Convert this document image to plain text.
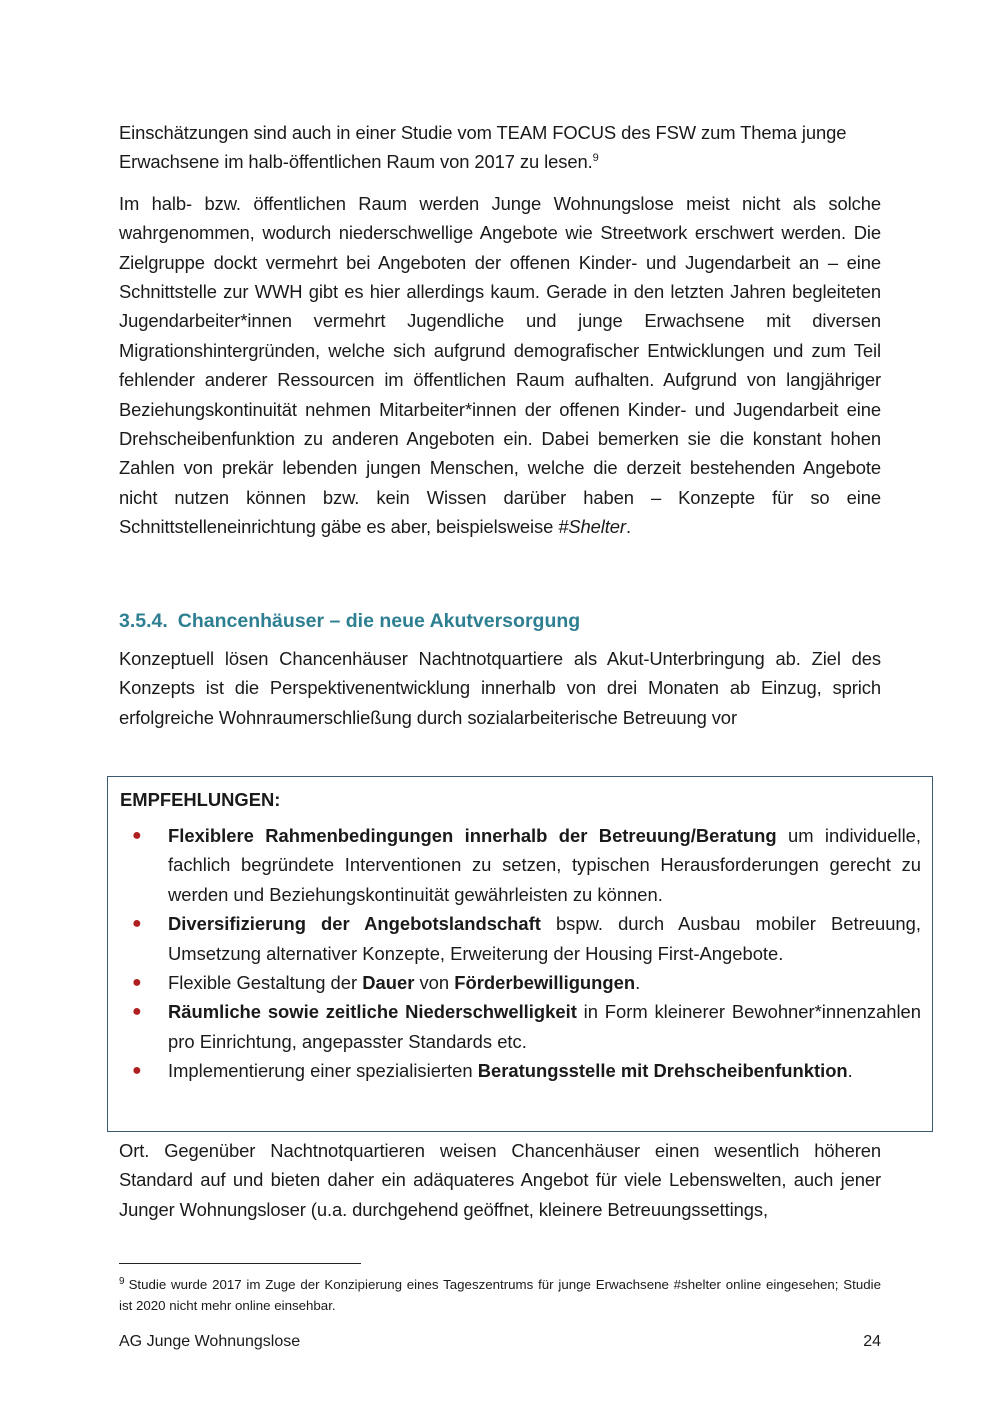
Einschätzungen sind auch in einer Studie vom TEAM FOCUS des FSW zum Thema junge Erwachsene im halb-öffentlichen Raum von 2017 zu lesen.$^9$

Im halb- bzw. öffentlichen Raum werden Junge Wohnungslose meist nicht als solche wahrgenommen, wodurch niederschwellige Angebote wie Streetwork erschwert werden. Die Zielgruppe dockt vermehrt bei Angeboten der offenen Kinder- und Jugendarbeit an – eine Schnittstelle zur WWH gibt es hier allerdings kaum. Gerade in den letzten Jahren begleiteten Jugendarbeiter*innen vermehrt Jugendliche und junge Erwachsene mit diversen Migrationshintergründen, welche sich aufgrund demografischer Entwicklungen und zum Teil fehlender anderer Ressourcen im öffentlichen Raum aufhalten. Aufgrund von langjähriger Beziehungskontinuität nehmen Mitarbeiter*innen der offenen Kinder- und Jugendarbeit eine Drehscheibenfunktion zu anderen Angeboten ein. Dabei bemerken sie die konstant hohen Zahlen von prekär lebenden jungen Menschen, welche die derzeit bestehenden Angebote nicht nutzen können bzw. kein Wissen darüber haben – Konzepte für so eine Schnittstelleneinrichtung gäbe es aber, beispielsweise #Shelter.

3.5.4. Chancenhäuser – die neue Akutversorgung

Konzeptuell lösen Chancenhäuser Nachtnotquartiere als Akut-Unterbringung ab. Ziel des Konzepts ist die Perspektivenentwicklung innerhalb von drei Monaten ab Einzug, sprich erfolgreiche Wohnraumerschließung durch sozialarbeiterische Betreuung vor

EMPFEHLUNGEN:
● Flexiblere Rahmenbedingungen innerhalb der Betreuung/Beratung um individuelle, fachlich begründete Interventionen zu setzen, typischen Herausforderungen gerecht zu werden und Beziehungskontinuität gewährleisten zu können.
● Diversifizierung der Angebotslandschaft bspw. durch Ausbau mobiler Betreuung, Umsetzung alternativer Konzepte, Erweiterung der Housing First-Angebote.
● Flexible Gestaltung der Dauer von Förderbewilligungen.
● Räumliche sowie zeitliche Niederschwelligkeit in Form kleinerer Bewohner*innenzahlen pro Einrichtung, angepasster Standards etc.
● Implementierung einer spezialisierten Beratungsstelle mit Drehscheibenfunktion.

Ort. Gegenüber Nachtnotquartieren weisen Chancenhäuser einen wesentlich höheren Standard auf und bieten daher ein adäquateres Angebot für viele Lebenswelten, auch jener Junger Wohnungsloser (u.a. durchgehend geöffnet, kleinere Betreuungssettings,

$^9$ Studie wurde 2017 im Zuge der Konzipierung eines Tageszentrums für junge Erwachsene #shelter online eingesehen; Studie ist 2020 nicht mehr online einsehbar.
AG Junge Wohnungslose	24
